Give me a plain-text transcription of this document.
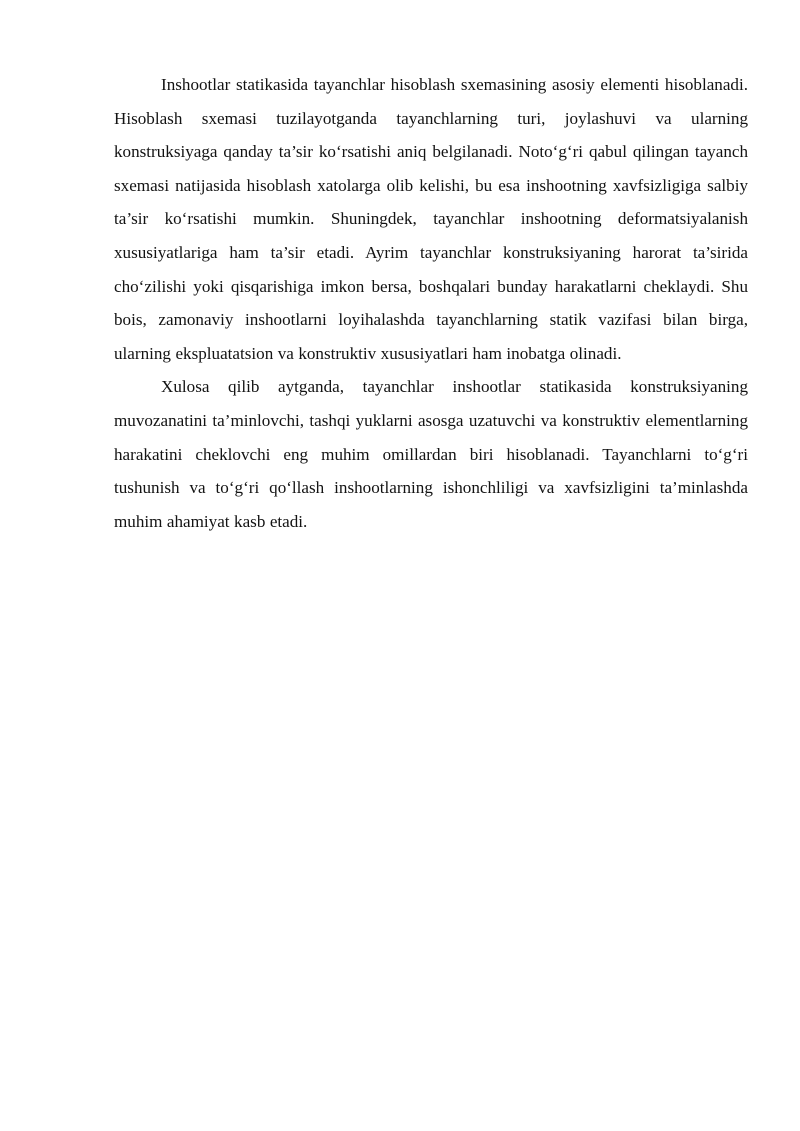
Inshootlar statikasida tayanchlar hisoblash sxemasining asosiy elementi hisoblanadi. Hisoblash sxemasi tuzilayotganda tayanchlarning turi, joylashuvi va ularning konstruksiyaga qanday ta’sir koʻrsatishi aniq belgilanadi. Notoʻgʻri qabul qilingan tayanch sxemasi natijasida hisoblash xatolarga olib kelishi, bu esa inshootning xavfsizligiga salbiy ta’sir koʻrsatishi mumkin. Shuningdek, tayanchlar inshootning deformatsiyalanish xususiyatlariga ham ta’sir etadi. Ayrim tayanchlar konstruksiyaning harorat ta’sirida choʻzilishi yoki qisqarishiga imkon bersa, boshqalari bunday harakatlarni cheklaydi. Shu bois, zamonaviy inshootlarni loyihalashda tayanchlarning statik vazifasi bilan birga, ularning ekspluatatsion va konstruktiv xususiyatlari ham inobatga olinadi.

Xulosa qilib aytganda, tayanchlar inshootlar statikasida konstruksiyaning muvozanatini ta’minlovchi, tashqi yuklarni asosga uzatuvchi va konstruktiv elementlarning harakatini cheklovchi eng muhim omillardan biri hisoblanadi. Tayanchlarni toʻgʻri tushunish va toʻgʻri qoʻllash inshootlarning ishonchliligi va xavfsizligini ta’minlashda muhim ahamiyat kasb etadi.
